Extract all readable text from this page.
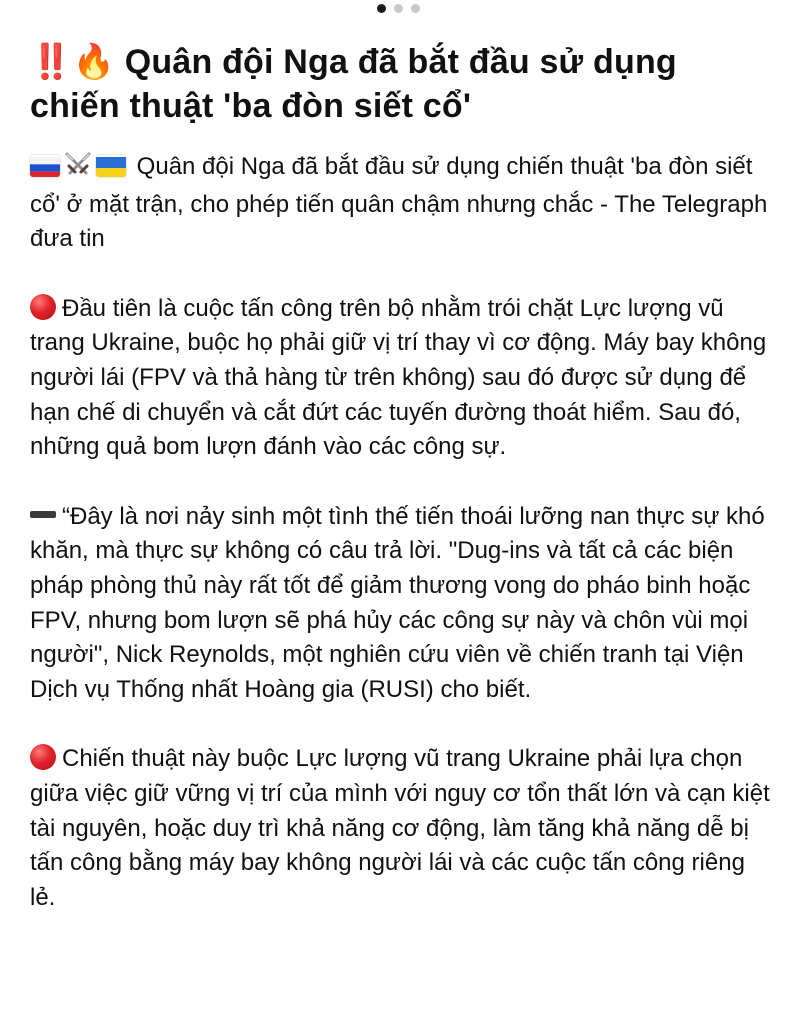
‼️🔥 Quân đội Nga đã bắt đầu sử dụng chiến thuật 'ba đòn siết cổ'

Quân đội Nga đã bắt đầu sử dụng chiến thuật 'ba đòn siết cổ' ở mặt trận, cho phép tiến quân chậm nhưng chắc - The Telegraph đưa tin

Đầu tiên là cuộc tấn công trên bộ nhằm trói chặt Lực lượng vũ trang Ukraine, buộc họ phải giữ vị trí thay vì cơ động. Máy bay không người lái (FPV và thả hàng từ trên không) sau đó được sử dụng để hạn chế di chuyển và cắt đứt các tuyến đường thoát hiểm. Sau đó, những quả bom lượn đánh vào các công sự.

“Đây là nơi nảy sinh một tình thế tiến thoái lưỡng nan thực sự khó khăn, mà thực sự không có câu trả lời. "Dug-ins và tất cả các biện pháp phòng thủ này rất tốt để giảm thương vong do pháo binh hoặc FPV, nhưng bom lượn sẽ phá hủy các công sự này và chôn vùi mọi người", Nick Reynolds, một nghiên cứu viên về chiến tranh tại Viện Dịch vụ Thống nhất Hoàng gia (RUSI) cho biết.

Chiến thuật này buộc Lực lượng vũ trang Ukraine phải lựa chọn giữa việc giữ vững vị trí của mình với nguy cơ tổn thất lớn và cạn kiệt tài nguyên, hoặc duy trì khả năng cơ động, làm tăng khả năng dễ bị tấn công bằng máy bay không người lái và các cuộc tấn công riêng lẻ.
